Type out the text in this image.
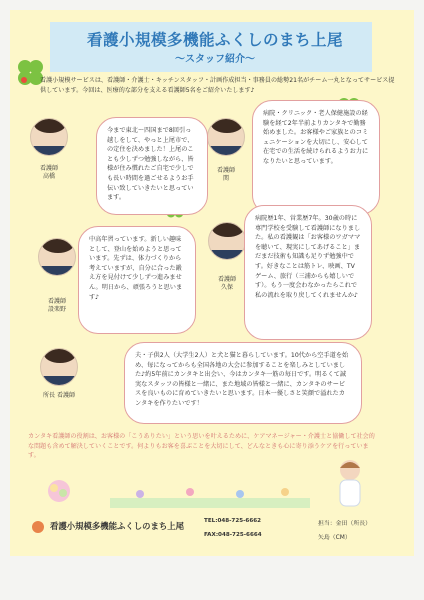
看護小規模多機能ふくしのまち上尾
〜スタッフ紹介〜
看護小規模サービスは、看護師・介護士・キッチンスタッフ・計画作成担当・事務員の総勢21名がチーム一丸となってサービス提供しています。今回は、医療的な部分を支える看護師5名をご紹介いたします♪
看護師
高橋
看護師
関
看護師
設楽野
看護師
久保
所長 看護師
今まで東北〜四国まで8回引っ越しをして、やっと上尾市で、の定住を決めました！上尾のことも少しずつ勉強しながら、皆様が住み慣れたご自宅で少しでも長い時間を過ごせるようお手伝い致していきたいと思っています。
病院・クリニック・老人保健施設の経験を経て2年半前よりカンタキで勤務始めました。お客様やご家族とのコミュニケーションを大切にし、安心して在宅での生活を続けられるようお力になりたいと思っています。
中高年習っています。新しい趣味として、登山を始めようと思っています。先ずは、体力づくりから考えていますが、自分に合った鍛え方を見付けて少しずつ進みません。明日から、頑張ろうと思います♪
病院歴1年、営業歴7年。30歳の時に専門学校を受験して看護師になりました。私の看護観は「お客様のワガママを聴いて、現実にしてあげること」まだまだ技術も知識も足りず勉強中です。好きなことは筋トレ、映画、TVゲーム、旅行（三浦からも嬉しいです）。もう一度会わなかったらこれで私の流れを取り戻してくれませんか♪
夫・子供2人（大学生2人）と犬と猫と暮らしています。10代から空手道を始め、毎になってからも全国各地の大会に参加することを楽しみとしていました♪約5年前にカンタキと出会い、今はカンタキ一筋の毎日です。明るくて誠実なスタッフの皆様と一緒に、また地域の皆様と一緒に、カンタキのサービスを良いものに育めていきたいと思います。日本一優しさと笑顔で溢れたカンタキを作りたいです！
カンタキ看護師の役割は、お客様の「こうありたい」という思いを叶えるために、ケアマネージャー・介護士と協働して社会的な問題も含めて解決していくことです。何よりもお客を喜ぶことを大切にして、どんなときも心に寄り添うケアを行っています。
看護小規模多機能ふくしのまち上尾	TEL:048-725-6662
FAX:048-725-6664
担当：金田（所長）
矢島（CM）
